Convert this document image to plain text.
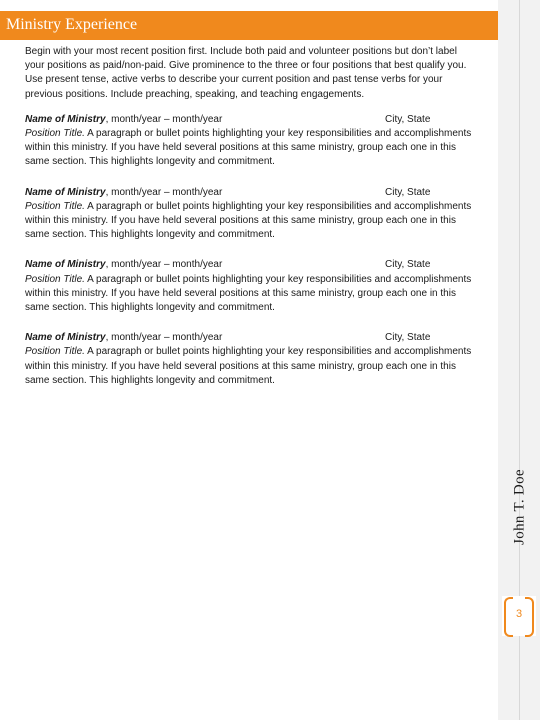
Ministry Experience
John T. Doe
3

Begin with your most recent position first. Include both paid and volunteer positions but don’t label your positions as paid/non-paid. Give prominence to the three or four positions that best qualify you. Use present tense, active verbs to describe your current position and past tense verbs for your previous positions. Include preaching, speaking, and teaching engagements.

Name of Ministry, month/year – month/year	City, State

Position Title. A paragraph or bullet points highlighting your key responsibilities and accomplishments within this ministry. If you have held several positions at this same ministry, group each one in this same section. This highlights longevity and commitment.

Name of Ministry, month/year – month/year	City, State

Position Title. A paragraph or bullet points highlighting your key responsibilities and accomplishments within this ministry. If you have held several positions at this same ministry, group each one in this same section. This highlights longevity and commitment.

Name of Ministry, month/year – month/year	City, State

Position Title. A paragraph or bullet points highlighting your key responsibilities and accomplishments within this ministry. If you have held several positions at this same ministry, group each one in this same section. This highlights longevity and commitment.

Name of Ministry, month/year – month/year	City, State

Position Title. A paragraph or bullet points highlighting your key responsibilities and accomplishments within this ministry. If you have held several positions at this same ministry, group each one in this same section. This highlights longevity and commitment.
